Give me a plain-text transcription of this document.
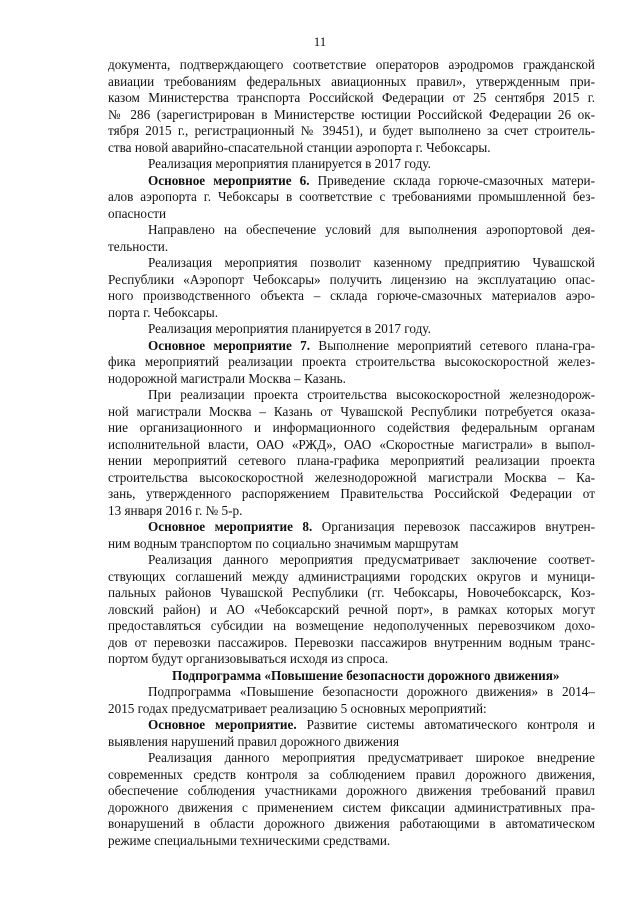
11
документа, подтверждающего соответствие операторов аэродромов гражданской
авиации требованиям федеральных авиационных правил», утвержденным при-
казом Министерства транспорта Российской Федерации от 25 сентября 2015 г.
№ 286 (зарегистрирован в Министерстве юстиции Российской Федерации 26 ок-
тября 2015 г., регистрационный № 39451), и будет выполнено за счет строитель-
ства новой аварийно-спасательной станции аэропорта г. Чебоксары.
Реализация мероприятия планируется в 2017 году.
Основное мероприятие 6. Приведение склада горюче-смазочных матери-
алов аэропорта г. Чебоксары в соответствие с требованиями промышленной без-
опасности
Направлено на обеспечение условий для выполнения аэропортовой дея-
тельности.
Реализация мероприятия позволит казенному предприятию Чувашской
Республики «Аэропорт Чебоксары» получить лицензию на эксплуатацию опас-
ного производственного объекта – склада горюче-смазочных материалов аэро-
порта г. Чебоксары.
Реализация мероприятия планируется в 2017 году.
Основное мероприятие 7. Выполнение мероприятий сетевого плана-гра-
фика мероприятий реализации проекта строительства высокоскоростной желез-
нодорожной магистрали Москва – Казань.
При реализации проекта строительства высокоскоростной железнодорож-
ной магистрали Москва – Казань от Чувашской Республики потребуется оказа-
ние организационного и информационного содействия федеральным органам
исполнительной власти, ОАО «РЖД», ОАО «Скоростные магистрали» в выпол-
нении мероприятий сетевого плана-графика мероприятий реализации проекта
строительства высокоскоростной железнодорожной магистрали Москва – Ка-
зань, утвержденного распоряжением Правительства Российской Федерации от
13 января 2016 г. № 5-р.
Основное мероприятие 8. Организация перевозок пассажиров внутрен-
ним водным транспортом по социально значимым маршрутам
Реализация данного мероприятия предусматривает заключение соответ-
ствующих соглашений между администрациями городских округов и муници-
пальных районов Чувашской Республики (гг. Чебоксары, Новочебоксарск, Коз-
ловский район) и АО «Чебоксарский речной порт», в рамках которых могут
предоставляться субсидии на возмещение недополученных перевозчиком дохо-
дов от перевозки пассажиров. Перевозки пассажиров внутренним водным транс-
портом будут организовываться исходя из спроса.
Подпрограмма «Повышение безопасности дорожного движения»
Подпрограмма «Повышение безопасности дорожного движения» в 2014–
2015 годах предусматривает реализацию 5 основных мероприятий:
Основное мероприятие. Развитие системы автоматического контроля и
выявления нарушений правил дорожного движения
Реализация данного мероприятия предусматривает широкое внедрение
современных средств контроля за соблюдением правил дорожного движения,
обеспечение соблюдения участниками дорожного движения требований правил
дорожного движения с применением систем фиксации административных пра-
вонарушений в области дорожного движения работающими в автоматическом
режиме специальными техническими средствами.
